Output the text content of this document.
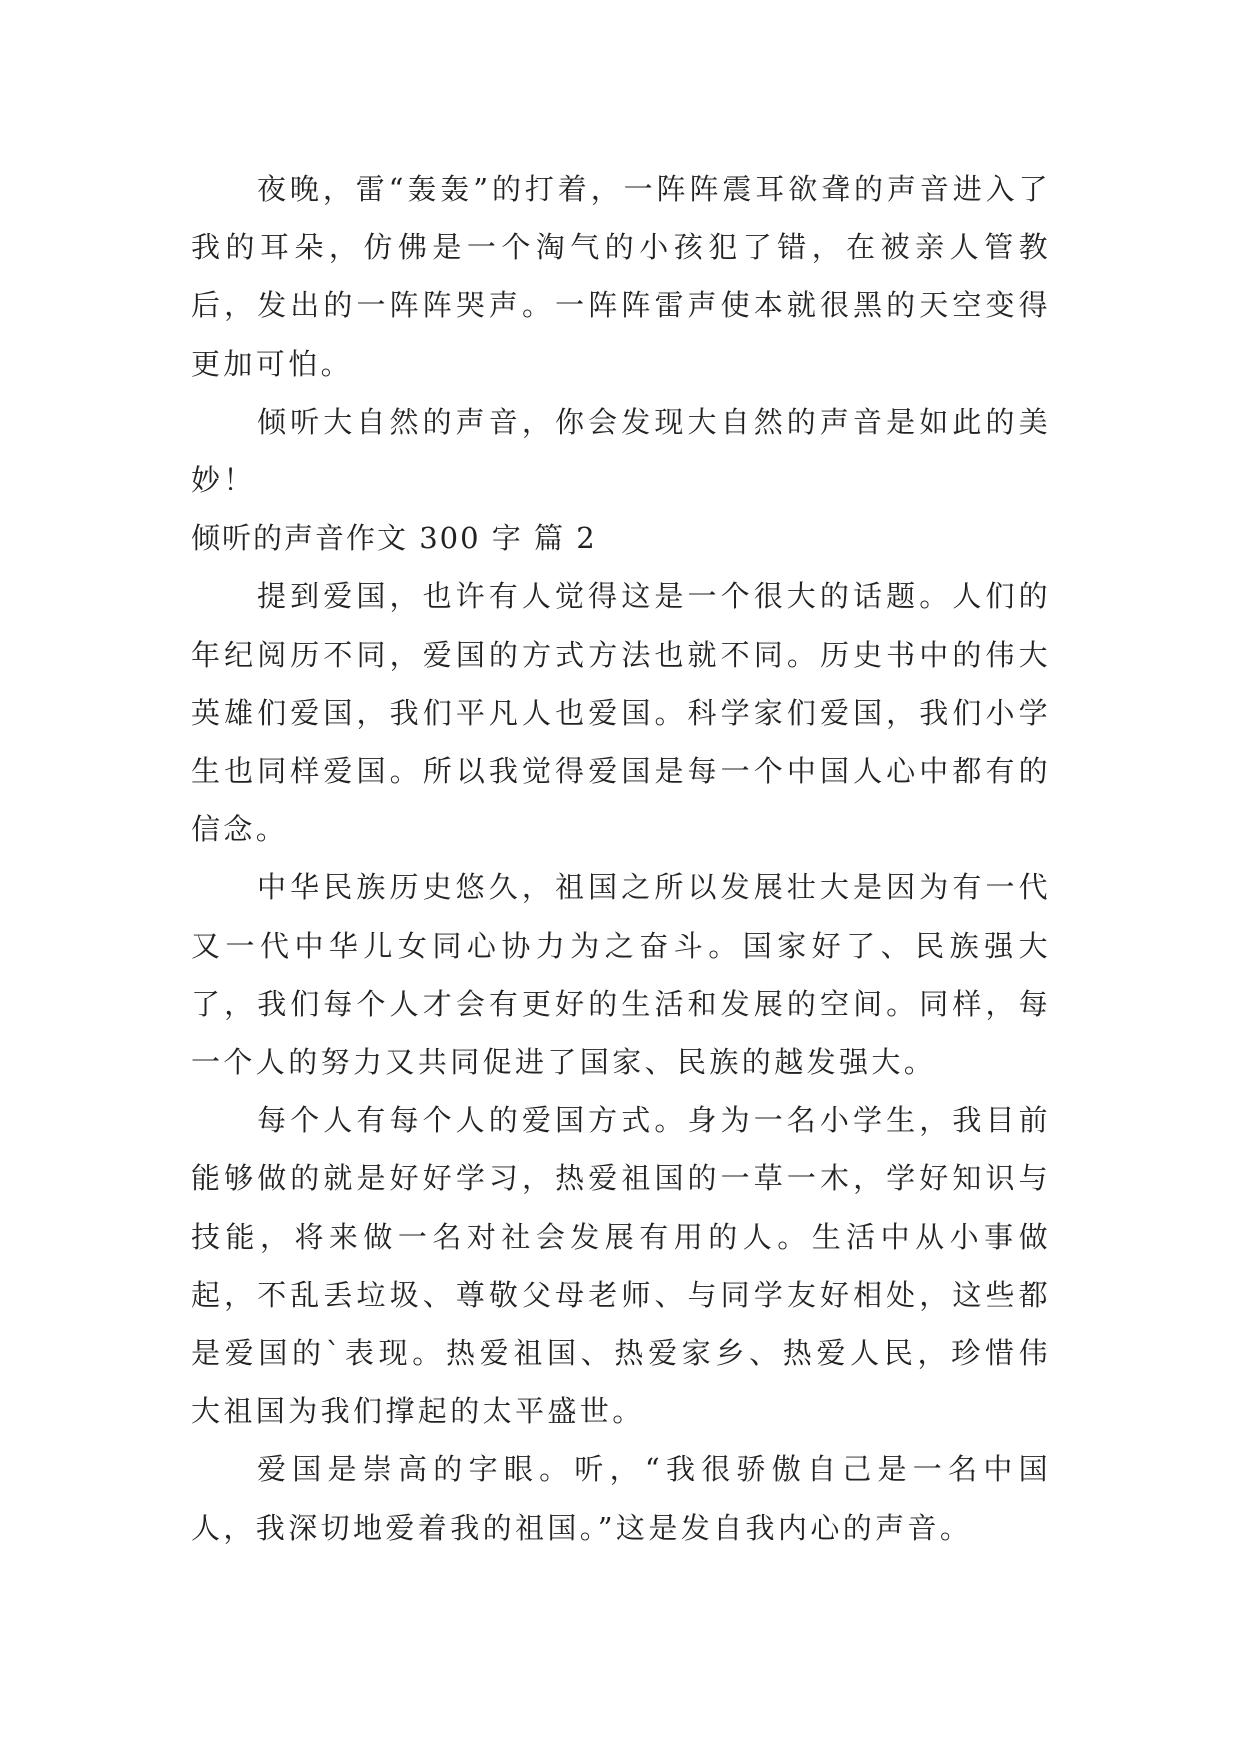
夜晚，雷“轰轰”的打着，一阵阵震耳欲聋的声音进入了我的耳朵，仿佛是一个淘气的小孩犯了错，在被亲人管教后，发出的一阵阵哭声。一阵阵雷声使本就很黑的天空变得更加可怕。

倾听大自然的声音，你会发现大自然的声音是如此的美妙！

倾听的声音作文 300 字 篇 2

提到爱国，也许有人觉得这是一个很大的话题。人们的年纪阅历不同，爱国的方式方法也就不同。历史书中的伟大英雄们爱国，我们平凡人也爱国。科学家们爱国，我们小学生也同样爱国。所以我觉得爱国是每一个中国人心中都有的信念。

中华民族历史悠久，祖国之所以发展壮大是因为有一代又一代中华儿女同心协力为之奋斗。国家好了、民族强大了，我们每个人才会有更好的生活和发展的空间。同样，每一个人的努力又共同促进了国家、民族的越发强大。

每个人有每个人的爱国方式。身为一名小学生，我目前能够做的就是好好学习，热爱祖国的一草一木，学好知识与技能，将来做一名对社会发展有用的人。生活中从小事做起，不乱丢垃圾、尊敬父母老师、与同学友好相处，这些都是爱国的`表现。热爱祖国、热爱家乡、热爱人民，珍惜伟大祖国为我们撑起的太平盛世。

爱国是崇高的字眼。听，“我很骄傲自己是一名中国人，我深切地爱着我的祖国。”这是发自我内心的声音。
